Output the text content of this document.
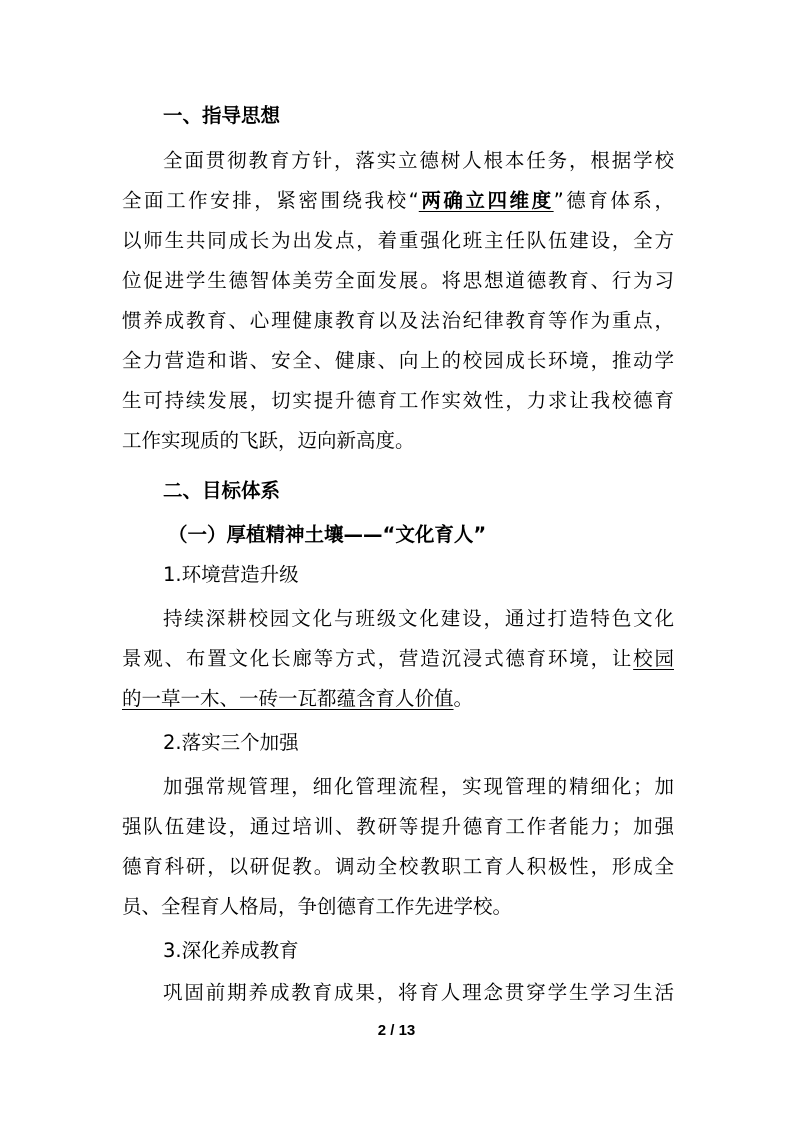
一、指导思想
全面贯彻教育方针，落实立德树人根本任务，根据学校
全面工作安排，紧密围绕我校“两确立四维度”德育体系，
以师生共同成长为出发点，着重强化班主任队伍建设，全方
位促进学生德智体美劳全面发展。将思想道德教育、行为习
惯养成教育、心理健康教育以及法治纪律教育等作为重点，
全力营造和谐、安全、健康、向上的校园成长环境，推动学
生可持续发展，切实提升德育工作实效性，力求让我校德育
工作实现质的飞跃，迈向新高度。
二、目标体系
（一）厚植精神土壤——“文化育人”
1.环境营造升级
持续深耕校园文化与班级文化建设，通过打造特色文化
景观、布置文化长廊等方式，营造沉浸式德育环境，让校园
的一草一木、一砖一瓦都蕴含育人价值。
2.落实三个加强
加强常规管理，细化管理流程，实现管理的精细化；加
强队伍建设，通过培训、教研等提升德育工作者能力；加强
德育科研，以研促教。调动全校教职工育人积极性，形成全
员、全程育人格局，争创德育工作先进学校。
3.深化养成教育
巩固前期养成教育成果，将育人理念贯穿学生学习生活
2 / 13
